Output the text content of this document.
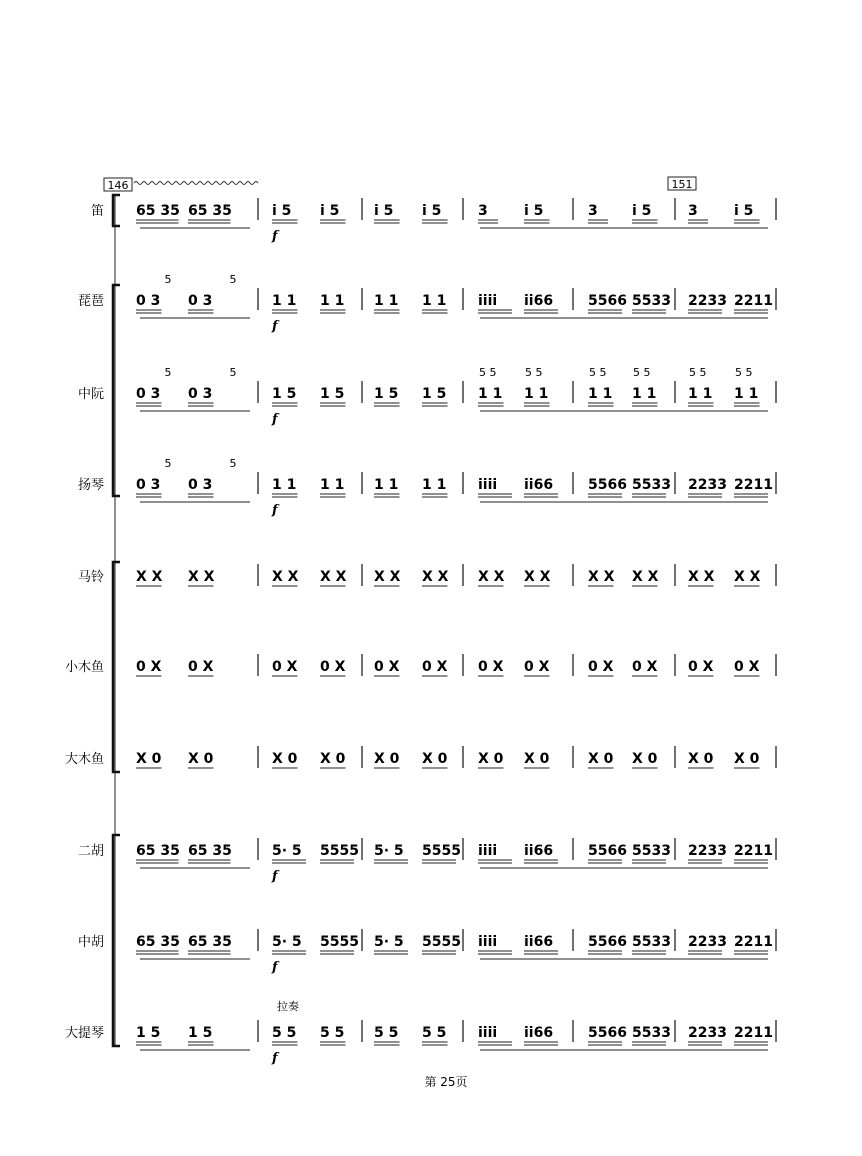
146	151
拉奏
f
f
f
f
f
f
f
笛 65 35 65 35	i 5 i 5 i 5 i 5	3	i 5	3 i 5	3	i 5
琵琶 0 3 0 3	1 1 1 1 1 1 1 1 iiii ii66 5566 5533 2233 2211
5	5
中阮 0 3 0 3	1 5 1 5 1 5 1 5 1 1 1 1	1 1 1 1 1 1 1 1
5	5	5 5	5 5	5 5 5 5	5 5	5 5
扬琴 0 3 0 3	1 1 1 1 1 1 1 1 iiii ii66 5566 5533 2233 2211
5	5
马铃 X X X X	X X X X X X X X X X X X	X X X X X X X X
小木鱼 0 X 0 X	0 X 0 X 0 X 0 X 0 X 0 X	0 X 0 X 0 X 0 X
大木鱼 X 0 X 0	X 0 X 0 X 0 X 0 X 0 X 0	X 0 X 0 X 0 X 0
二胡 65 35 65 35	5· 5 5555 5· 5 5555 iiii ii66 5566 5533 2233 2211
中胡 65 35 65 35	5· 5 5555 5· 5 5555 iiii ii66 5566 5533 2233 2211
大提琴 1 5 1 5	5 5 5 5 5 5 5 5 iiii ii66 5566 5533 2233 2211
第 25页
